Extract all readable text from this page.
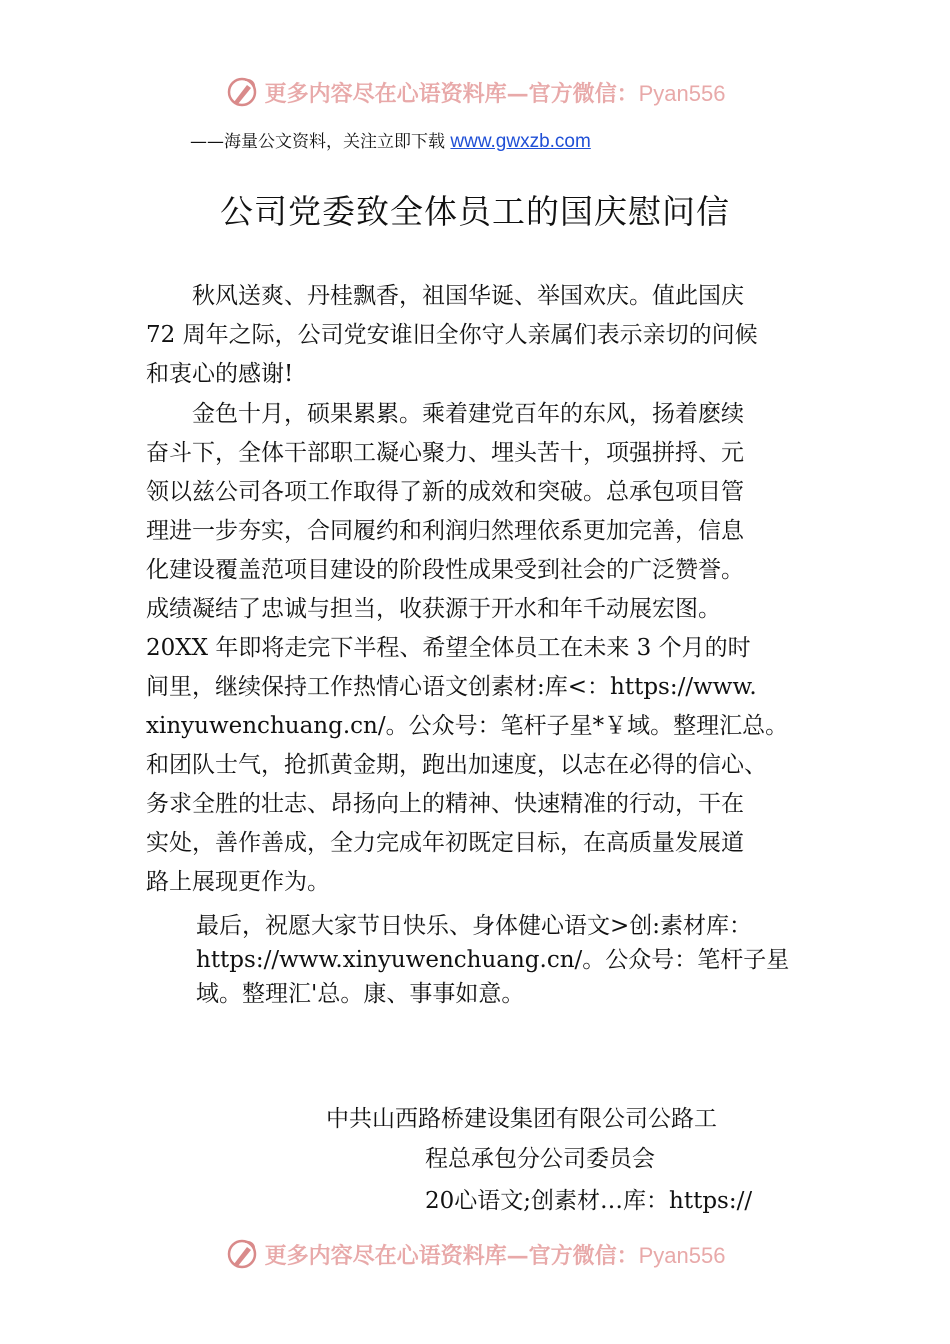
更多内容尽在心语资料库—官方微信：Pyan556
——海量公文资料，关注立即下载 www.gwxzb.com
公司党委致全体员工的国庆慰问信
　　秋风送爽、丹桂飘香，祖国华诞、举国欢庆。值此国庆
72 周年之际，公司党安谁旧全你守人亲属们表示亲切的问候
和衷心的感谢!
　　金色十月，硕果累累。乘着建党百年的东风，扬着麽续
奋斗下，全体干部职工凝心聚力、埋头苦十，项强拼捋、元
领以兹公司各项工作取得了新的成效和突破。总承包项目管
理进一步夯实，合同履约和利润归然理依系更加完善，信息
化建设覆盖范项目建设的阶段性成果受到社会的广泛赞誉。
成绩凝结了忠诚与担当，收获源于开水和年千动展宏图。
20XX 年即将走完下半程、希望全体员工在未来 3 个月的时
间里，继续保持工作热情心语文创素材:库<：https://www.
xinyuwenchuang.cn/。公众号：笔杆子星*￥域。整理汇总。
和团队士气，抢抓黄金期，跑出加速度，以志在必得的信心、
务求全胜的壮志、昂扬向上的精神、快速精准的行动，干在
实处，善作善成，全力完成年初既定目标，在高质量发展道
路上展现更作为。
最后，祝愿大家节日快乐、身体健心语文>创:素材库：
https://www.xinyuwenchuang.cn/。公众号：笔杆子星
域。整理汇'总。康、事事如意。
中共山西路桥建设集团有限公司公路工
程总承包分公司委员会
20心语文;创素材…库：https://
更多内容尽在心语资料库—官方微信：Pyan556
